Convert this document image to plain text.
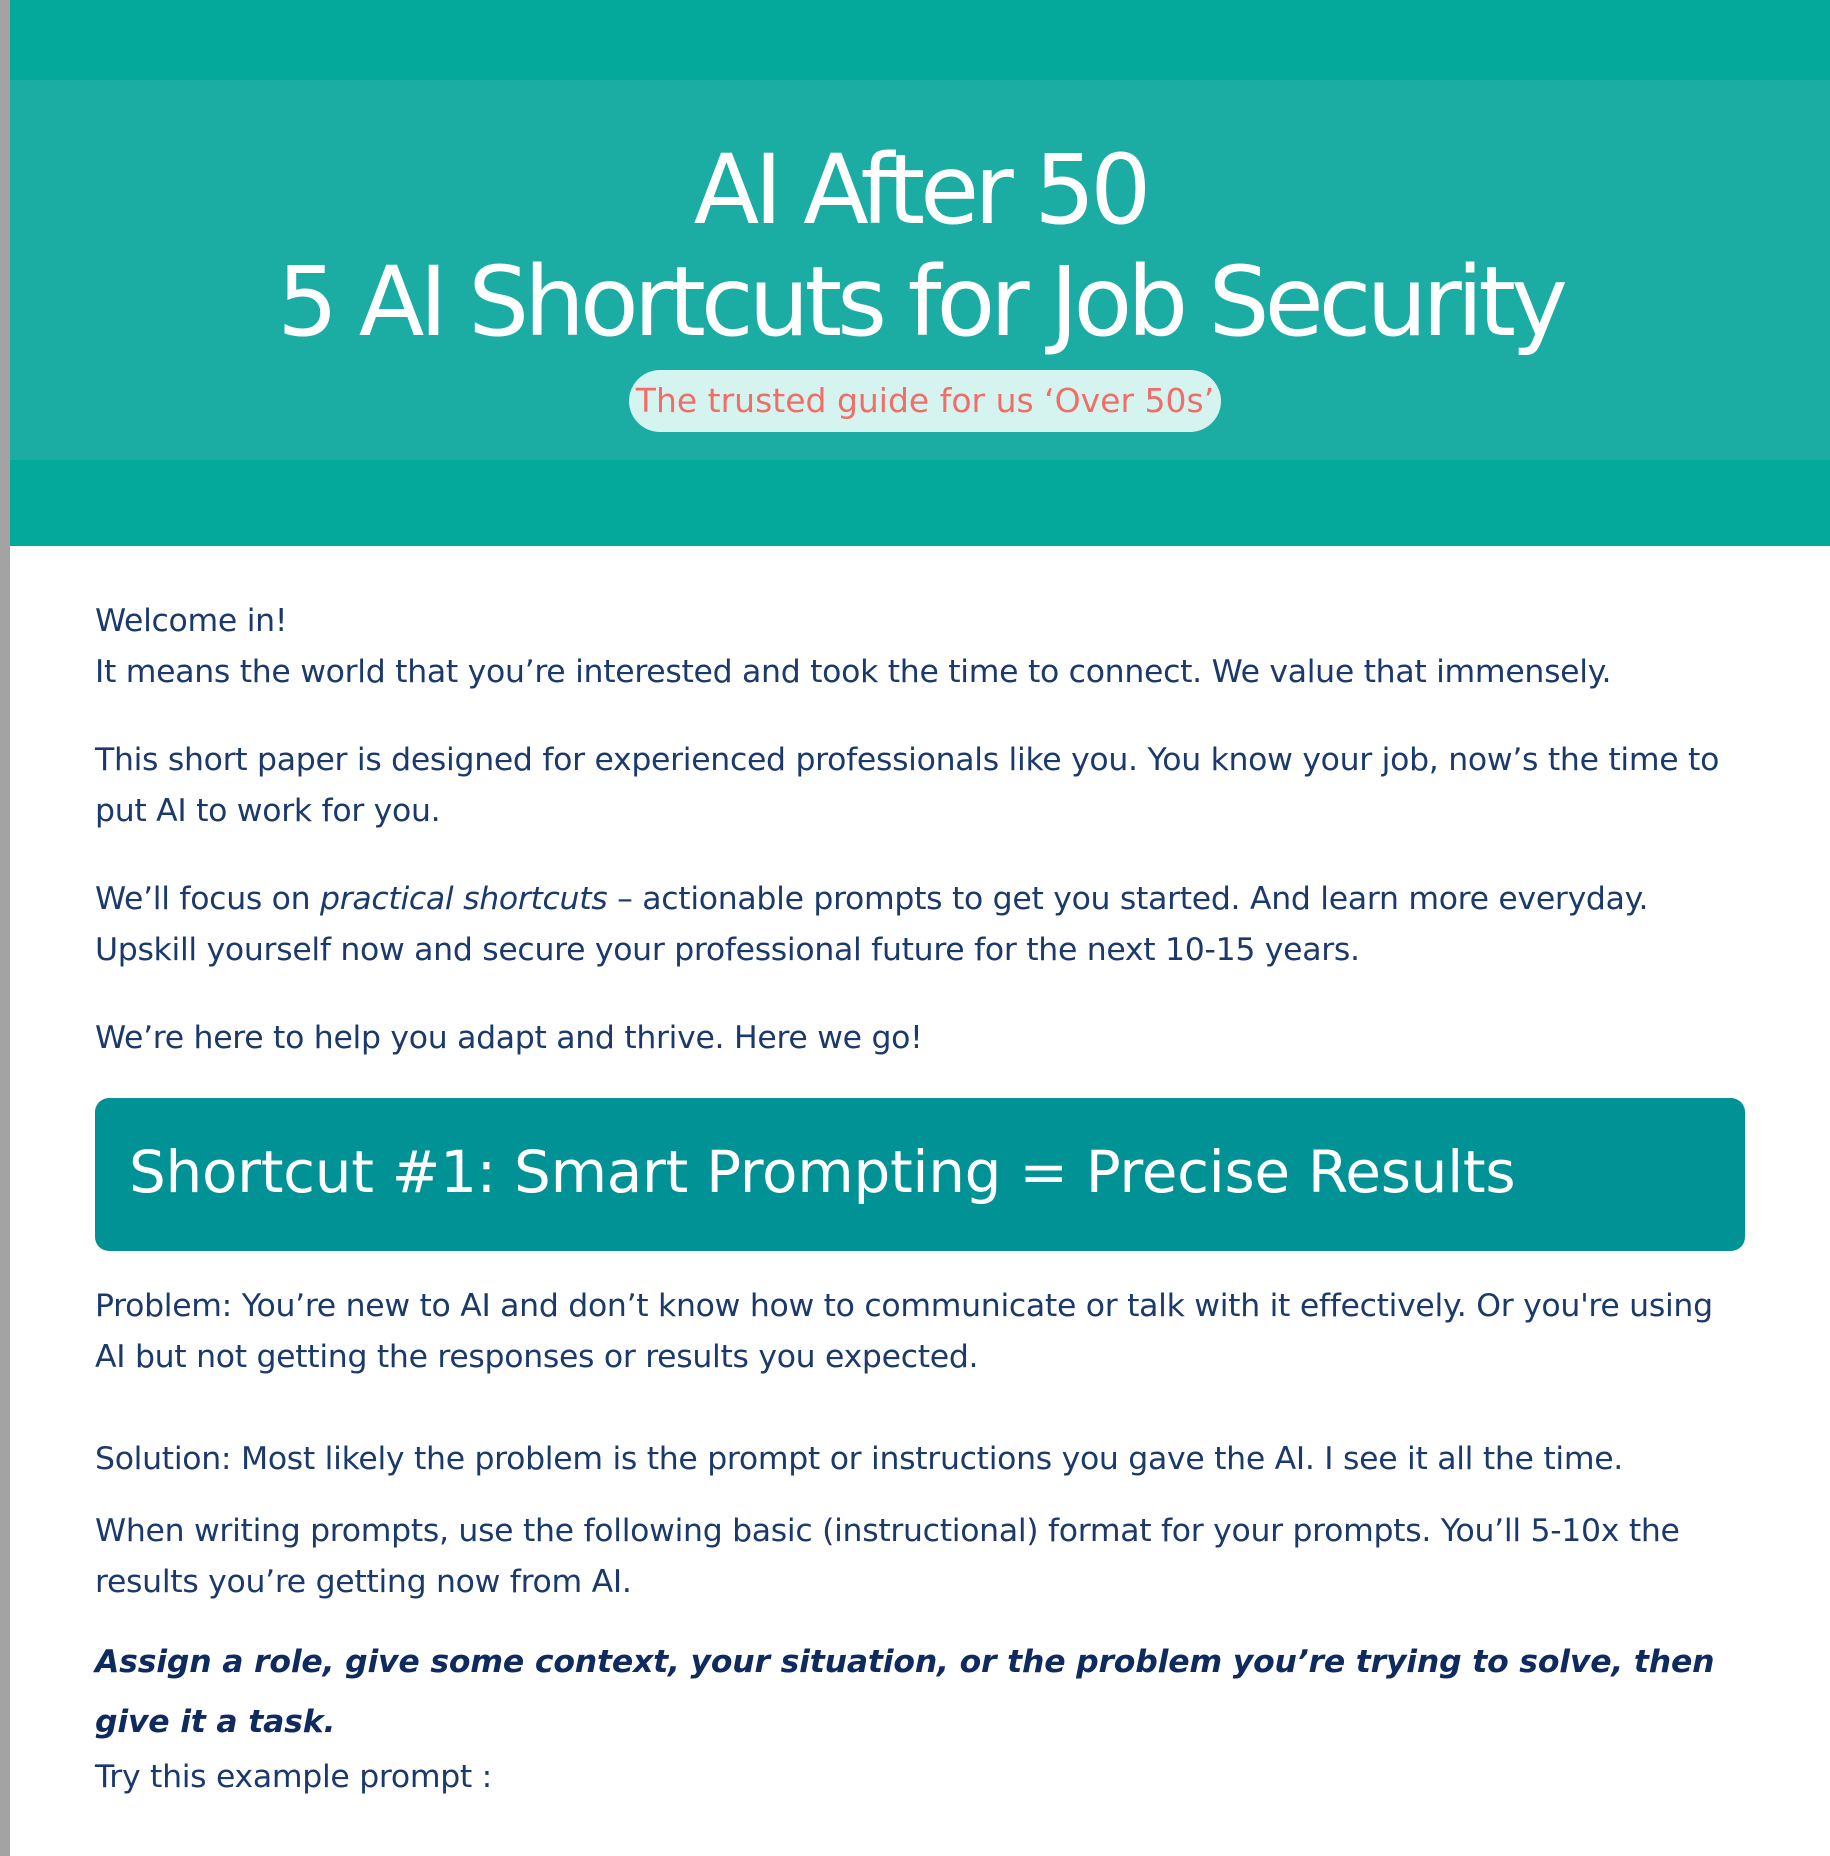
AI After 50
5 AI Shortcuts for Job Security
The trusted guide for us ‘Over 50s’

Welcome in!

It means the world that you’re interested and took the time to connect. We value that immensely.

This short paper is designed for experienced professionals like you. You know your job, now’s the time to put AI to work for you.

We’ll focus on practical shortcuts – actionable prompts to get you started. And learn more everyday.

Upskill yourself now and secure your professional future for the next 10-15 years.

We’re here to help you adapt and thrive. Here we go!

Shortcut #1: Smart Prompting = Precise Results

Problem: You’re new to AI and don’t know how to communicate or talk with it effectively. Or you're using AI but not getting the responses or results you expected.

Solution: Most likely the problem is the prompt or instructions you gave the AI. I see it all the time.

When writing prompts, use the following basic (instructional) format for your prompts. You’ll 5-10x the results you’re getting now from AI.

Assign a role, give some context, your situation, or the problem you’re trying to solve, then give it a task.

Try this example prompt :
